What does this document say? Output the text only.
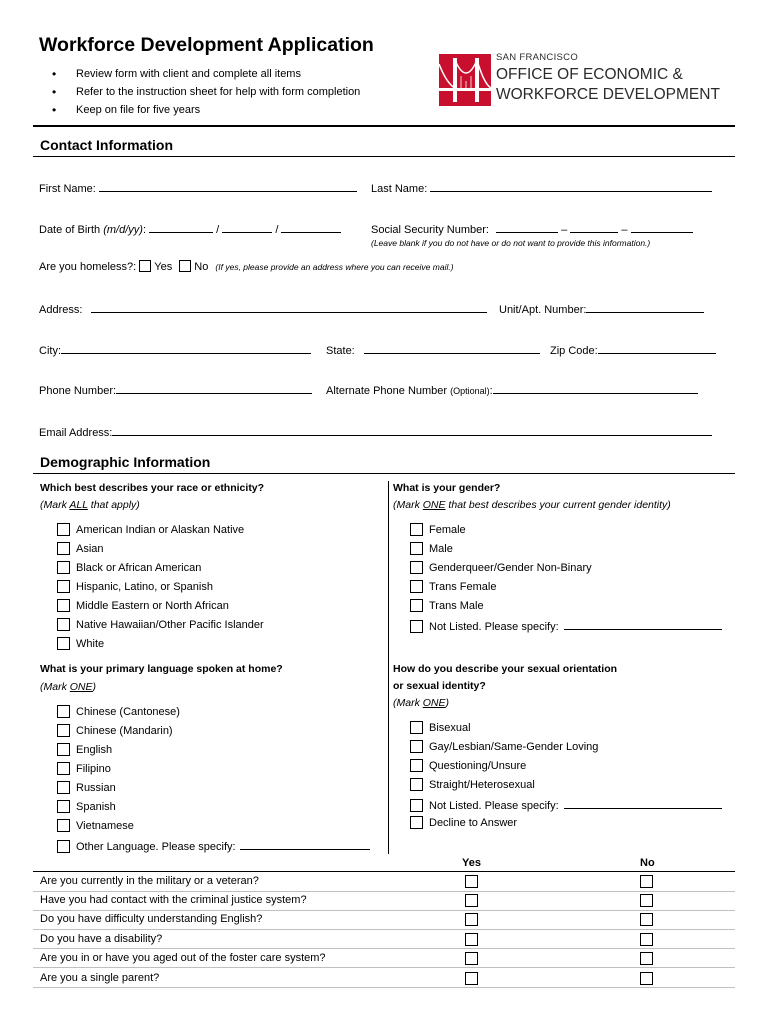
Workforce Development Application
• Review form with client and complete all items
• Refer to the instruction sheet for help with form completion
• Keep on file for five years
SAN FRANCISCO
OFFICE OF ECONOMIC &
WORKFORCE DEVELOPMENT
Contact Information
First Name:	Last Name:
Date of Birth (m/d/yy):	/	/	Social Security Number:	–	–
(Leave blank if you do not have or do not want to provide this information.)
Are you homeless?: Yes No (If yes, please provide an address where you can receive mail.)
Address:	Unit/Apt. Number:
City:	State:	Zip Code:
Phone Number:	Alternate Phone Number (Optional):
Email Address:
Demographic Information
Which best describes your race or ethnicity?
(Mark ALL that apply)
American Indian or Alaskan Native
Asian
Black or African American
Hispanic, Latino, or Spanish
Middle Eastern or North African
Native Hawaiian/Other Pacific Islander
White
What is your gender?
(Mark ONE that best describes your current gender identity)
Female
Male
Genderqueer/Gender Non-Binary
Trans Female
Trans Male
Not Listed. Please specify:
What is your primary language spoken at home?
(Mark ONE)
Chinese (Cantonese)
Chinese (Mandarin)
English
Filipino
Russian
Spanish
Vietnamese
Other Language. Please specify:
How do you describe your sexual orientation
or sexual identity?
(Mark ONE)
Bisexual
Gay/Lesbian/Same-Gender Loving
Questioning/Unsure
Straight/Heterosexual
Not Listed. Please specify:
Decline to Answer
Yes	No
Are you currently in the military or a veteran?
Have you had contact with the criminal justice system?
Do you have difficulty understanding English?
Do you have a disability?
Are you in or have you aged out of the foster care system?
Are you a single parent?
